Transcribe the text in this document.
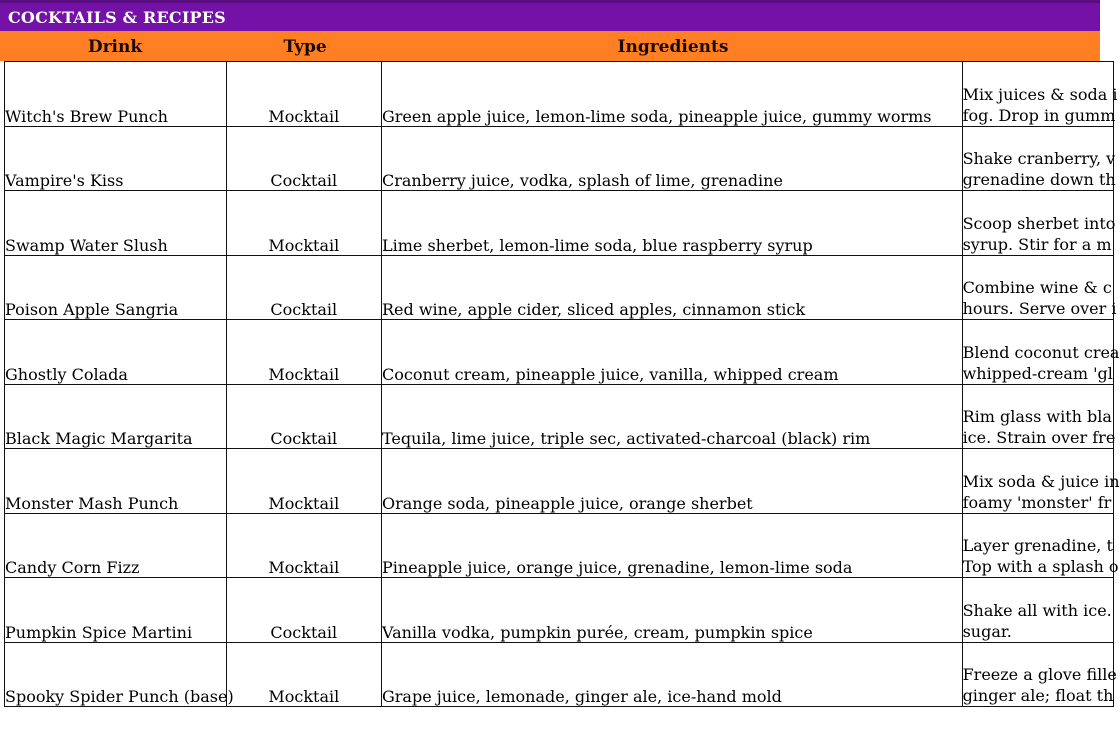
COCKTAILS & RECIPES
Drink	Type	Ingredients
Witch's Brew Punch	Mocktail	Green apple juice, lemon-lime soda, pineapple juice, gummy worms	Mix juices & soda i
fog. Drop in gumm

Vampire's Kiss	Cocktail	Cranberry juice, vodka, splash of lime, grenadine	Shake cranberry, v
grenadine down th

Swamp Water Slush	Mocktail	Lime sherbet, lemon-lime soda, blue raspberry syrup	Scoop sherbet into
syrup. Stir for a m

Poison Apple Sangria	Cocktail	Red wine, apple cider, sliced apples, cinnamon stick	Combine wine & c
hours. Serve over i

Ghostly Colada	Mocktail	Coconut cream, pineapple juice, vanilla, whipped cream	Blend coconut crea
whipped-cream 'gl

Black Magic Margarita	Cocktail	Tequila, lime juice, triple sec, activated-charcoal (black) rim	Rim glass with bla
ice. Strain over fre

Monster Mash Punch	Mocktail	Orange soda, pineapple juice, orange sherbet	Mix soda & juice in
foamy 'monster' fr

Candy Corn Fizz	Mocktail	Pineapple juice, orange juice, grenadine, lemon-lime soda	Layer grenadine, t
Top with a splash o

Pumpkin Spice Martini	Cocktail	Vanilla vodka, pumpkin purée, cream, pumpkin spice	Shake all with ice.
sugar.

Spooky Spider Punch (base)	Mocktail	Grape juice, lemonade, ginger ale, ice-hand mold	Freeze a glove fille
ginger ale; float th
